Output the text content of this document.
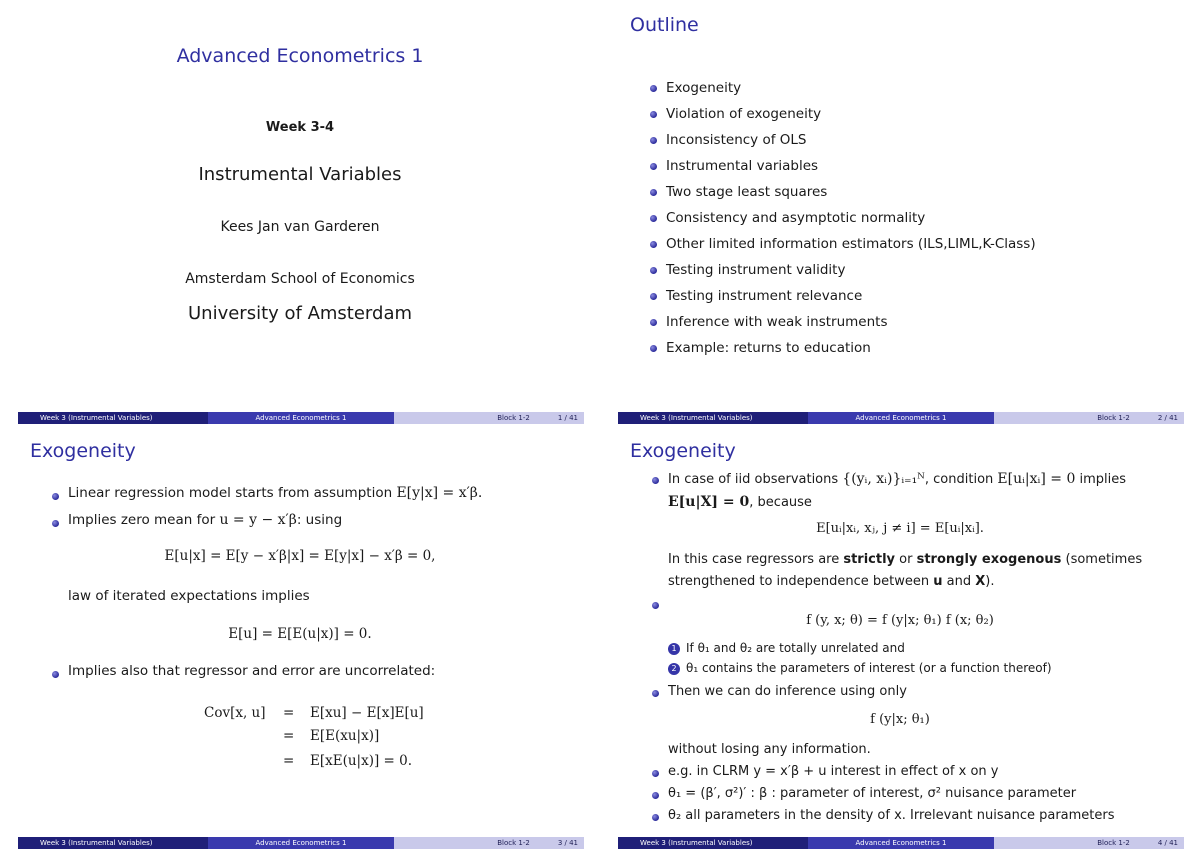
Advanced Econometrics 1
Week 3-4
Instrumental Variables
Kees Jan van Garderen
Amsterdam School of Economics
University of Amsterdam
Week 3 (Instrumental Variables)	Advanced Econometrics 1	Block 1-2	1 / 41
Outline
Exogeneity
Violation of exogeneity
Inconsistency of OLS
Instrumental variables
Two stage least squares
Consistency and asymptotic normality
Other limited information estimators (ILS,LIML,K-Class)
Testing instrument validity
Testing instrument relevance
Inference with weak instruments
Example: returns to education
Week 3 (Instrumental Variables)	Advanced Econometrics 1	Block 1-2	2 / 41
Exogeneity
Linear regression model starts from assumption E[y|x] = x′β.
Implies zero mean for u = y − x′β: using
E[u|x] = E[y − x′β|x] = E[y|x] − x′β = 0,
law of iterated expectations implies
E[u] = E[E(u|x)] = 0.
Implies also that regressor and error are uncorrelated:
Cov[x, u] = E[xu] − E[x]E[u]
= E[E(xu|x)]
= E[xE(u|x)] = 0.
Week 3 (Instrumental Variables)	Advanced Econometrics 1	Block 1-2	3 / 41
Exogeneity
In case of iid observations {(yᵢ, xᵢ)}ᵢ₌₁ᴺ, condition E[uᵢ|xᵢ] = 0 implies
E[u|X] = 0, because
E[uᵢ|xᵢ, xⱼ, j ≠ i] = E[uᵢ|xᵢ].
In this case regressors are strictly or strongly exogenous (sometimes
strengthened to independence between u and X).
f (y, x; θ) = f (y|x; θ₁) f (x; θ₂)
1 If θ₁ and θ₂ are totally unrelated and
2 θ₁ contains the parameters of interest (or a function thereof)
Then we can do inference using only
f (y|x; θ₁)
without losing any information.
e.g. in CLRM y = x′β + u interest in effect of x on y
θ₁ = (β′, σ²)′ : β : parameter of interest, σ² nuisance parameter
θ₂ all parameters in the density of x. Irrelevant nuisance parameters
Week 3 (Instrumental Variables)	Advanced Econometrics 1	Block 1-2	4 / 41
